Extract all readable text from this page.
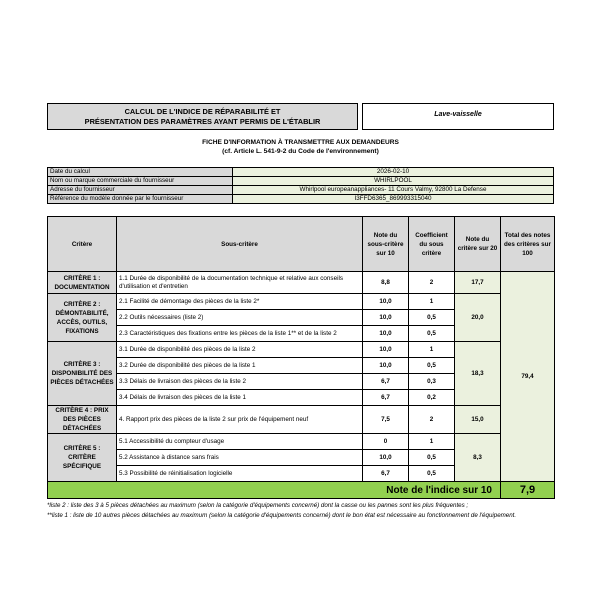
CALCUL DE L'INDICE DE RÉPARABILITÉ ET
PRÉSENTATION DES PARAMÈTRES AYANT PERMIS DE L'ÉTABLIR
Lave-vaisselle
FICHE D'INFORMATION À TRANSMETTRE AUX DEMANDEURS
(cf. Article L. 541-9-2 du Code de l'environnement)
Date du calcul	2026-02-10
Nom ou marque commerciale du fournisseur	WHIRLPOOL
Adresse du fournisseur	Whirlpool europeanappliances- 11 Cours Valmy, 92800 La Defense
Référence du modèle donnée par le fournisseur	I3FFD6365_869993315040
Critère	Sous-critère	Note du sous-critère sur 10	Coefficient du sous critère	Note du critère sur 20	Total des notes des critères sur 100
CRITÈRE 1 : DOCUMENTATION	1.1 Durée de disponibilité de la documentation technique et relative aux conseils d'utilisation et d'entretien	8,8	2	17,7	79,4
CRITÈRE 2 : DÉMONTABILITÉ, ACCÈS, OUTILS, FIXATIONS	2.1 Facilité de démontage des pièces de la liste 2*	10,0	1	20,0	
	2.2 Outils nécessaires (liste 2)	10,0	0,5		
	2.3 Caractéristiques des fixations entre les pièces de la liste 1** et de la liste 2	10,0	0,5		
CRITÈRE 3 : DISPONIBILITÉ DES PIÈCES DÉTACHÉES	3.1 Durée de disponibilité des pièces de la liste 2	10,0	1	18,3	
	3.2 Durée de disponibilité des pièces de la liste 1	10,0	0,5		
	3.3 Délais de livraison des pièces de la liste 2	6,7	0,3		
	3.4 Délais de livraison des pièces de la liste 1	6,7	0,2		
CRITÈRE 4 : PRIX DES PIÈCES DÉTACHÉES	4. Rapport prix des pièces de la liste 2 sur prix de l'équipement neuf	7,5	2	15,0	
CRITÈRE 5 : CRITÈRE SPÉCIFIQUE	5.1 Accessibilité du compteur d'usage	0	1	8,3	
	5.2 Assistance à distance sans frais	10,0	0,5		
	5.3 Possibilité de réinitialisation logicielle	6,7	0,5		
Note de l'indice sur 10					7,9
*liste 2 : liste des 3 à 5 pièces détachées au maximum (selon la catégorie d'équipements concerné) dont la casse ou les pannes sont les plus fréquentes ;
**liste 1 : liste de 10 autres pièces détachées au maximum (selon la catégorie d'équipements concerné) dont le bon état est nécessaire au fonctionnement de l'équipement.
